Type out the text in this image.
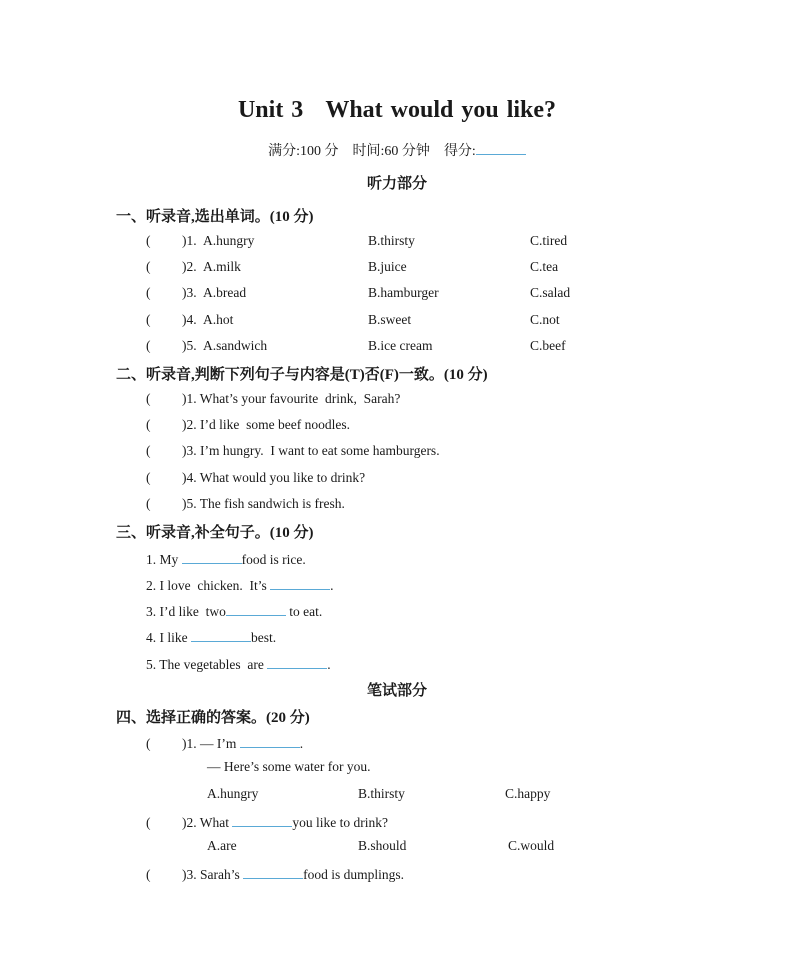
Unit 3 What would you like?
满分:100 分 时间:60 分钟 得分:
听力部分
一、听录音,选出单词。(10 分)
( )1. A.hungry	B.thirsty	C.tired
( )2. A.milk	B.juice	C.tea
( )3. A.bread	B.hamburger	C.salad
( )4. A.hot	B.sweet	C.not
( )5. A.sandwich	B.ice cream	C.beef
二、听录音,判断下列句子与内容是(T)否(F)一致。(10 分)
( )1. What’s your favourite  drink,  Sarah?
( )2. I’d like  some beef noodles.
( )3. I’m hungry.  I want to eat some hamburgers.
( )4. What would you like to drink?
( )5. The fish sandwich is fresh.
三、听录音,补全句子。(10 分)
1. My	food is rice.
2. I love  chicken.  It’s	.
3. I’d like  two	to eat.
4. I like	best.
5. The vegetables  are	.
笔试部分
四、选择正确的答案。(20 分)
( )1. — I’m	.
— Here’s some water for you.
A.hungry	B.thirsty	C.happy
( )2. What	you like to drink?
A.are	B.should	C.would
( )3. Sarah’s	food is dumplings.
